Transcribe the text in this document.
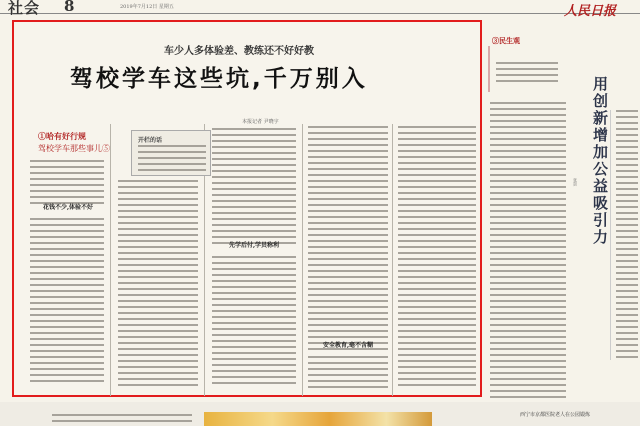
社会 8	2019年7月12日 星期五	人民日报
车少人多体验差、教练还不好好教
驾校学车这些坑,千万别入
①哈有好行规
驾校学车那些事儿⑤
花钱不少,体验不好
开栏的话
本报记者 尹晓宇
先学后付,学员称利
安全教育,毫不含糊
③民生观
用创新增加公益吸引力
张贺
西宁市京都医院老人在公园锻炼
